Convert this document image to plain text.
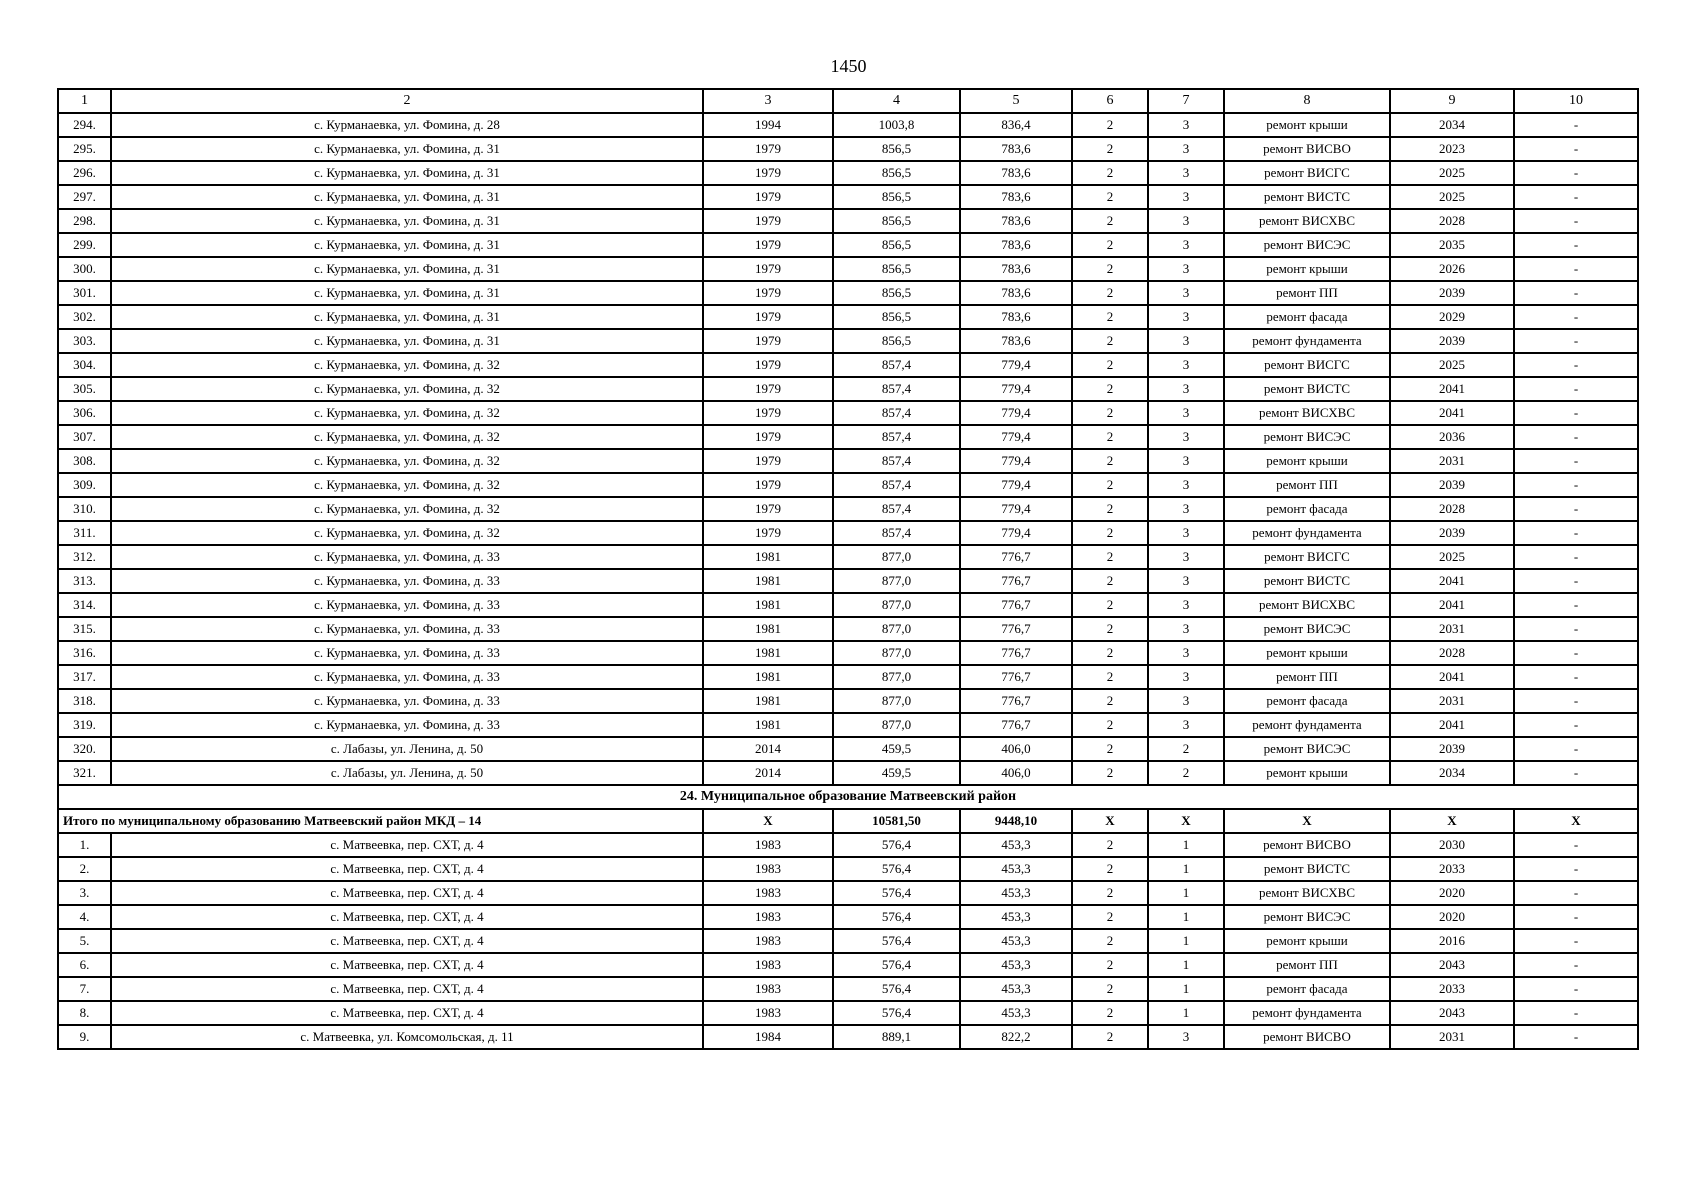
1450
1	2	3	4	5	6	7	8	9	10
294.	с. Курманаевка, ул. Фомина, д. 28	1994	1003,8	836,4	2	3	ремонт крыши	2034	-
295.	с. Курманаевка, ул. Фомина, д. 31	1979	856,5	783,6	2	3	ремонт ВИСВО	2023	-
296.	с. Курманаевка, ул. Фомина, д. 31	1979	856,5	783,6	2	3	ремонт ВИСГС	2025	-
297.	с. Курманаевка, ул. Фомина, д. 31	1979	856,5	783,6	2	3	ремонт ВИСТС	2025	-
298.	с. Курманаевка, ул. Фомина, д. 31	1979	856,5	783,6	2	3	ремонт ВИСХВС	2028	-
299.	с. Курманаевка, ул. Фомина, д. 31	1979	856,5	783,6	2	3	ремонт ВИСЭС	2035	-
300.	с. Курманаевка, ул. Фомина, д. 31	1979	856,5	783,6	2	3	ремонт крыши	2026	-
301.	с. Курманаевка, ул. Фомина, д. 31	1979	856,5	783,6	2	3	ремонт ПП	2039	-
302.	с. Курманаевка, ул. Фомина, д. 31	1979	856,5	783,6	2	3	ремонт фасада	2029	-
303.	с. Курманаевка, ул. Фомина, д. 31	1979	856,5	783,6	2	3	ремонт фундамента	2039	-
304.	с. Курманаевка, ул. Фомина, д. 32	1979	857,4	779,4	2	3	ремонт ВИСГС	2025	-
305.	с. Курманаевка, ул. Фомина, д. 32	1979	857,4	779,4	2	3	ремонт ВИСТС	2041	-
306.	с. Курманаевка, ул. Фомина, д. 32	1979	857,4	779,4	2	3	ремонт ВИСХВС	2041	-
307.	с. Курманаевка, ул. Фомина, д. 32	1979	857,4	779,4	2	3	ремонт ВИСЭС	2036	-
308.	с. Курманаевка, ул. Фомина, д. 32	1979	857,4	779,4	2	3	ремонт крыши	2031	-
309.	с. Курманаевка, ул. Фомина, д. 32	1979	857,4	779,4	2	3	ремонт ПП	2039	-
310.	с. Курманаевка, ул. Фомина, д. 32	1979	857,4	779,4	2	3	ремонт фасада	2028	-
311.	с. Курманаевка, ул. Фомина, д. 32	1979	857,4	779,4	2	3	ремонт фундамента	2039	-
312.	с. Курманаевка, ул. Фомина, д. 33	1981	877,0	776,7	2	3	ремонт ВИСГС	2025	-
313.	с. Курманаевка, ул. Фомина, д. 33	1981	877,0	776,7	2	3	ремонт ВИСТС	2041	-
314.	с. Курманаевка, ул. Фомина, д. 33	1981	877,0	776,7	2	3	ремонт ВИСХВС	2041	-
315.	с. Курманаевка, ул. Фомина, д. 33	1981	877,0	776,7	2	3	ремонт ВИСЭС	2031	-
316.	с. Курманаевка, ул. Фомина, д. 33	1981	877,0	776,7	2	3	ремонт крыши	2028	-
317.	с. Курманаевка, ул. Фомина, д. 33	1981	877,0	776,7	2	3	ремонт ПП	2041	-
318.	с. Курманаевка, ул. Фомина, д. 33	1981	877,0	776,7	2	3	ремонт фасада	2031	-
319.	с. Курманаевка, ул. Фомина, д. 33	1981	877,0	776,7	2	3	ремонт фундамента	2041	-
320.	с. Лабазы, ул. Ленина, д. 50	2014	459,5	406,0	2	2	ремонт ВИСЭС	2039	-
321.	с. Лабазы, ул. Ленина, д. 50	2014	459,5	406,0	2	2	ремонт крыши	2034	-
24. Муниципальное образование Матвеевский район									
Итого по муниципальному образованию Матвеевский район МКД – 14		Х	10581,50	9448,10	Х	Х	Х	Х	Х
1.	с. Матвеевка, пер. СХТ, д. 4	1983	576,4	453,3	2	1	ремонт ВИСВО	2030	-
2.	с. Матвеевка, пер. СХТ, д. 4	1983	576,4	453,3	2	1	ремонт ВИСТС	2033	-
3.	с. Матвеевка, пер. СХТ, д. 4	1983	576,4	453,3	2	1	ремонт ВИСХВС	2020	-
4.	с. Матвеевка, пер. СХТ, д. 4	1983	576,4	453,3	2	1	ремонт ВИСЭС	2020	-
5.	с. Матвеевка, пер. СХТ, д. 4	1983	576,4	453,3	2	1	ремонт крыши	2016	-
6.	с. Матвеевка, пер. СХТ, д. 4	1983	576,4	453,3	2	1	ремонт ПП	2043	-
7.	с. Матвеевка, пер. СХТ, д. 4	1983	576,4	453,3	2	1	ремонт фасада	2033	-
8.	с. Матвеевка, пер. СХТ, д. 4	1983	576,4	453,3	2	1	ремонт фундамента	2043	-
9.	с. Матвеевка, ул. Комсомольская, д. 11	1984	889,1	822,2	2	3	ремонт ВИСВО	2031	-
